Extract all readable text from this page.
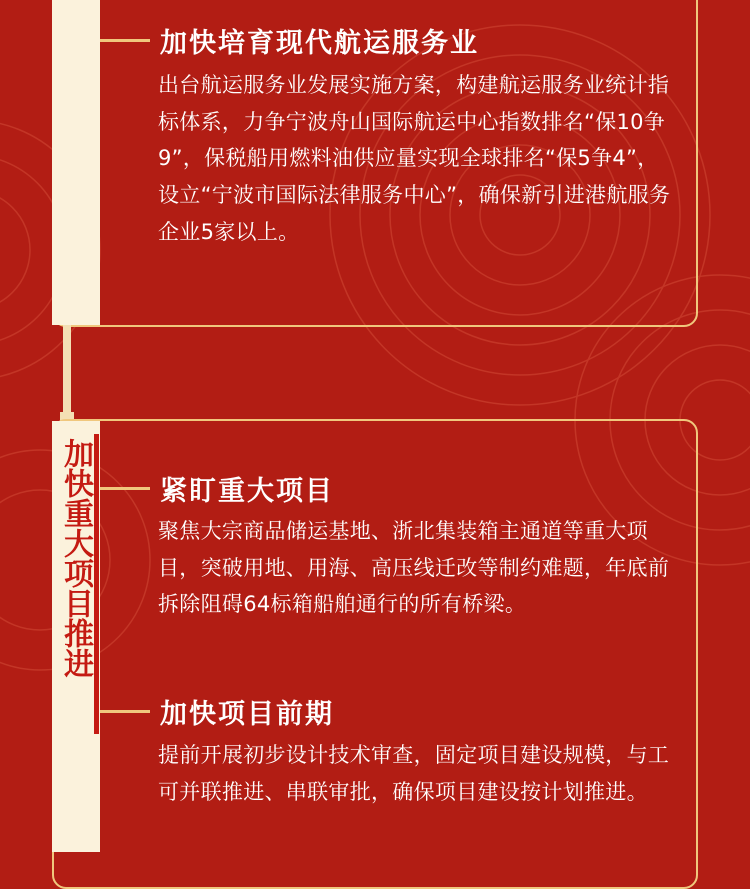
加快重大项目推进
加快培育现代航运服务业

出台航运服务业发展实施方案，构建航运服务业统计指标体系，力争宁波舟山国际航运中心指数排名“保10争9”，保税船用燃料油供应量实现全球排名“保5争4”，设立“宁波市国际法律服务中心”，确保新引进港航服务企业5家以上。

紧盯重大项目

聚焦大宗商品储运基地、浙北集装箱主通道等重大项目，突破用地、用海、高压线迁改等制约难题，年底前拆除阻碍64标箱船舶通行的所有桥梁。

加快项目前期

提前开展初步设计技术审查，固定项目建设规模，与工可并联推进、串联审批，确保项目建设按计划推进。
